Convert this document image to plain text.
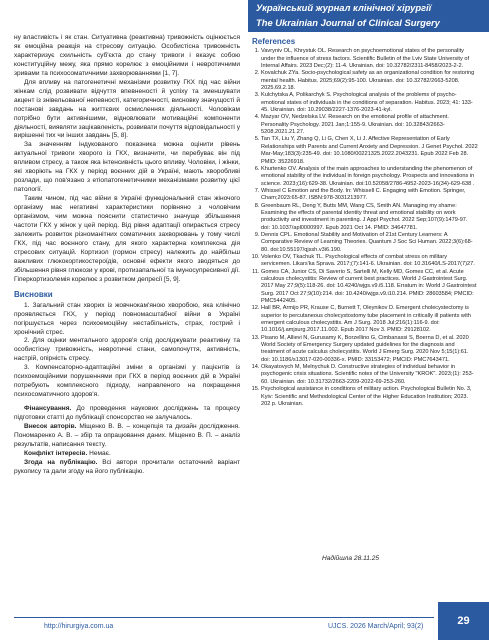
Український журнал клінічної хірургії
The Ukrainian Journal of Clinical Surgery

ну властивість і як стан. Ситуативна (реактивна) тривожність оцінюється як емоційна реакція на стресову ситуацію. Особистісна тривожність характеризує схильність суб'єкта до стану тривоги і вказує собою конституційну межу, яка прямо корелює з емоційними і невротичними зривами та психосоматичними захворюваннями [1, 7].

Для впливу на патогенетичні механізми розвитку ГКХ під час війни жінкам слід розвивати відчуття впевненості й успіху та зменшувати акцент із знівельованої непевності, категоричності, висновку значущості й постанові завдань на життєвих осмисленнях діяльності. Чоловікам потрібно бути активнішими, відновлювати мотиваційні компоненти діяльності, виявляти зацікавленість, розвивати почуття відповідальності у вирішенні тих чи інших завдань [5, 8].

За значенням індукованого показника можна оцінити рівень актуальної тривоги хворого із ГКХ, визначити, чи перебуває він під впливом стресу, а також яка інтенсивність цього впливу. Чоловіки, і жінки, які хворіють на ГКХ у період воєнних дій в Україні, мають хворобливі розлади, що пов'язано з етіопатогенетичними механізмами розвитку цієї патології.

Таким чином, під час війни в Україні функціональний стан жіночого організму має негативні характеристики порівняно з чоловічим організмом, чим можна пояснити статистично значуще збільшення частоти ГКХ у жінок у цей період. Від рівня адаптації опирається стресу залежить розвиток різноманітних соматичних захворювань у тому числі ГКХ, під час воєнного стану, для якого характерна комплексна дія стресових ситуацій. Кортизол (гормон стресу) належить до найбільш важливих глюкокортикостероїдів, основні ефекти якого зводяться до збільшення рівня глюкози у крові, протизапальної та імуносупресивної дії. Гіперкортизолемія корелює з розвитком депресії [5, 9].

Висновки

1. Загальний стан хворих із жовчнокам'яною хворобою, яка клінічно проявляється ГКХ, у період повномасштабної війни в Україні погіршується через психоемоційну нестабільність, страх, гострий і хронічний стрес.

2. Для оцінки ментального здоров'я слід досліджувати реактивну та особистісну тривожність, невротичні стани, самопочуття, активність, настрій, опірність стресу.

3. Компенсаторно-адаптаційні зміни в організмі у пацієнтів із психоемоційними порушеннями при ГКХ в період воєнних дій в Україні потребують комплексного підходу, направленого на покращення психосоматичного здоров'я.

Фінансування. До проведення наукових досліджень та процесу підготовки статті до публікації спонсорство не залучалось.

Внесок авторів. Міщенко В. В. – концепція та дизайн дослідження. Пономаренко А. В. – збір та опрацювання даних. Міщенко В. П. – аналіз результатів, написання тексту.

Конфлікт інтересів. Немає.

Згода на публікацію. Всі автори прочитали остаточний варіант рукопису та дали згоду на його публікацію.

References
1. Vavryniv OL, Khrystuk OL. Research on psychoemotional states of the personality under the influence of stress factors. Scientific Bulletin of the Lviv State University of Internal Affairs. 2023 Dec;(2): 11-4. Ukrainian. doi: 10.32782/2311-8458/2023-2-2.
2. Kovalchuk ZYa. Socio-psychological safety as an organizational condition for restoring mental health. Habitus. 2025;69(2):95-100. Ukrainian. doi: 10.32782/2663-5208. 2025.69.2.18.
3. Kulchytska A, Polikarchyk S. Psychological analysis of the problems of psycho-emotional states of individuals in the conditions of separation. Habitus. 2023; 41: 133-45. Ukrainian. doi: 10.29038/2227-1376-2023-41-kyl.
4. Mazyar OV, Nedzelska LV. Research on the emotional profile of attachment. Personality Psychology. 2021 Jan;1:155-9. Ukrainian. doi: 10.32843/2663-5208.2021.21.27.
5. Tan TX, Liu Y, Zhang Q, Li G, Chen X, Li J. Affective Representation of Early Relationships with Parents and Current Anxiety and Depression. J Genet Psychol. 2022 Mar-May;183(3):235-49. doi: 10.1080/00221325.2022.2043231. Epub 2022 Feb 28. PMID: 35226918.
6. Khurtenko OV. Analysis of the main approaches to understanding the phenomenon of emotional stability of the individual in foreign psychology. Prospects and innovations in science. 2023;(16):629-38. Ukrainian. doi:10.52058/2786-4952-2023-16(34)-629-638 .
7. Whissel C Emotion and the Body. In: Whissell C. Engaging with Emotion. Springer, Cham;2023:65-87. ISBN:978-3031213977.
8. Greenbaum RL, Deng Y, Butts MM, Wang CS, Smith AN. Managing my shame: Examining the effects of parental identity threat and emotional stability on work productivity and investment in parenting. J Appl Psychol. 2022 Sep;107(9):1479-97. doi: 10.1037/apl0000997. Epub 2021 Oct 14. PMID: 34647781.
9. Dennis CPL. Emotional Stability and Motivation of 21st Century Learners: A Comparative Review of Learning Theories. Quantum J Soc Sci Human. 2022;3(6):68-80. doi:10.55197/qjssh.v3i6.190.
10. Volenko OV, Tkachuk TL. Psychological effects of combat stress on military servicemen. Likars'ka Sprava. 2017;(7):141-6. Ukrainian. doi: 10.31640/LS-2017(7)27.
11. Gomes CA, Junior CS, Di Saverio S, Sartelli M, Kelly MD, Gomes CC, et al. Acute calculous cholecystitis: Review of current best practices. World J Gastrointest Surg. 2017 May 27;9(5):118-26. doi: 10.4240/wjgs.v9.i5.118. Erratum in: World J Gastrointest Surg. 2017 Oct 27;9(10):214. doi: 10.4240/wjgs.v9.i10.214. PMID: 28603584; PMCID: PMC5442405.
12. Hall BR, Armijo PR, Krause C, Burnett T, Oleynikov D. Emergent cholecystectomy is superior to percutaneous cholecystostomy tube placement in critically ill patients with emergent calculous cholecystitis. Am J Surg. 2018 Jul;216(1):116-9. doi: 10.1016/j.amjsurg.2017.11.002. Epub 2017 Nov 3. PMID: 29128102.
13. Pisano M, Allievi N, Gurusamy K, Borzellino G, Cimbanassi S, Boerna D, et al. 2020 World Society of Emergency Surgery updated guidelines for the diagnosis and treatment of acute calculus cholecystitis. World J Emerg Surg. 2020 Nov 5;15(1):61. doi: 10.1186/s13017-020-00336-x. PMID: 33153472; PMCID: PMC7643471.
14. Okayatovych M, Melnychuk D. Constructive strategies of individual behavior in psychogenic crisis situations. Scientific notes of the University "KROK". 2023;(1): 253-60. Ukrainian. doi: 10.31732/2663-2209-2022-69-253-260.
15. Psychological assistance in conditions of military action. Psychological Bulletin No. 3, Kyiv: Scientific and Methodological Center of the Higher Education Institution; 2023. 202 p. Ukrainian.
Надійшла 28.11.25
http://hirurgiya.com.ua	UJCS. 2026 March/April; 93(2)	29
